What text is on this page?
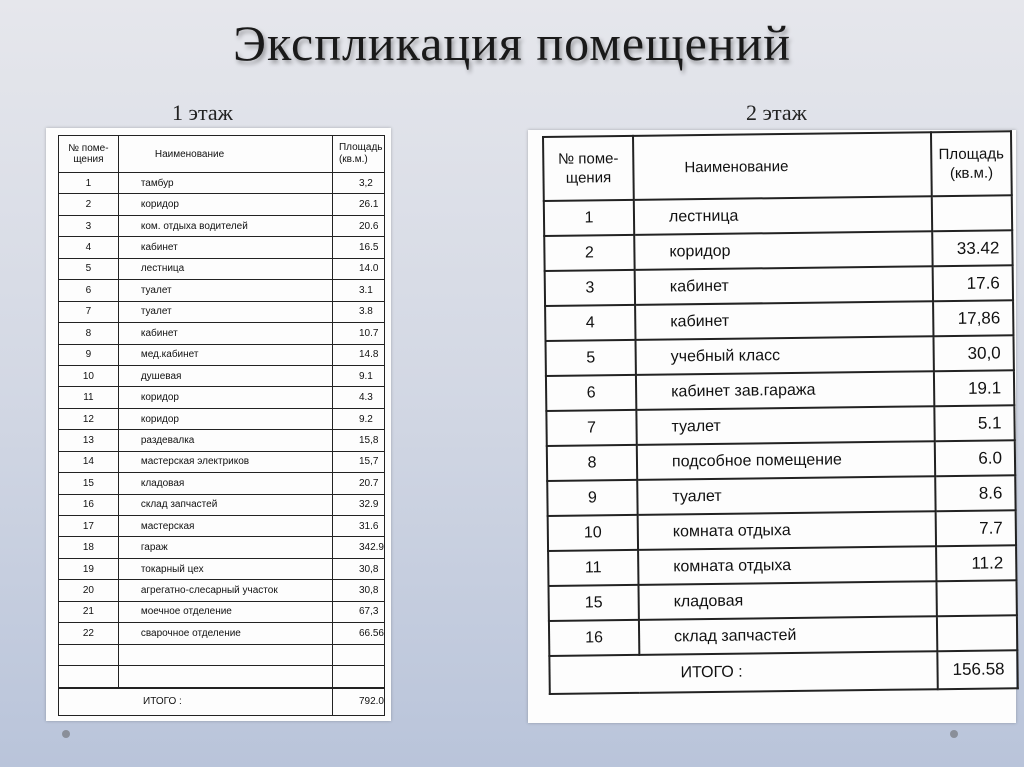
Экспликация помещений
1 этаж	2 этаж
№ поме-щения	Наименование	Площадь (кв.м.)
1	тамбур	3,2
2	коридор	26.1
3	ком. отдыха водителей	20.6
4	кабинет	16.5
5	лестница	14.0
6	туалет	3.1
7	туалет	3.8
8	кабинет	10.7
9	мед.кабинет	14.8
10	душевая	9.1
11	коридор	4.3
12	коридор	9.2
13	раздевалка	15,8
14	мастерская электриков	15,7
15	кладовая	20.7
16	склад запчастей	32.9
17	мастерская	31.6
18	гараж	342.9
19	токарный цех	30,8
20	агрегатно-слесарный участок	30,8
21	моечное отделение	67,3
22	сварочное отделение	66.56

ИТОГО :		792.0
№ поме-щения	Наименование	Площадь (кв.м.)
1	лестница	
2	коридор	33.42
3	кабинет	17.6
4	кабинет	17,86
5	учебный класс	30,0
6	кабинет зав.гаража	19.1
7	туалет	5.1
8	подсобное помещение	6.0
9	туалет	8.6
10	комната отдыха	7.7
11	комната отдыха	11.2
15	кладовая	
16	склад запчастей	
ИТОГО :		156.58
